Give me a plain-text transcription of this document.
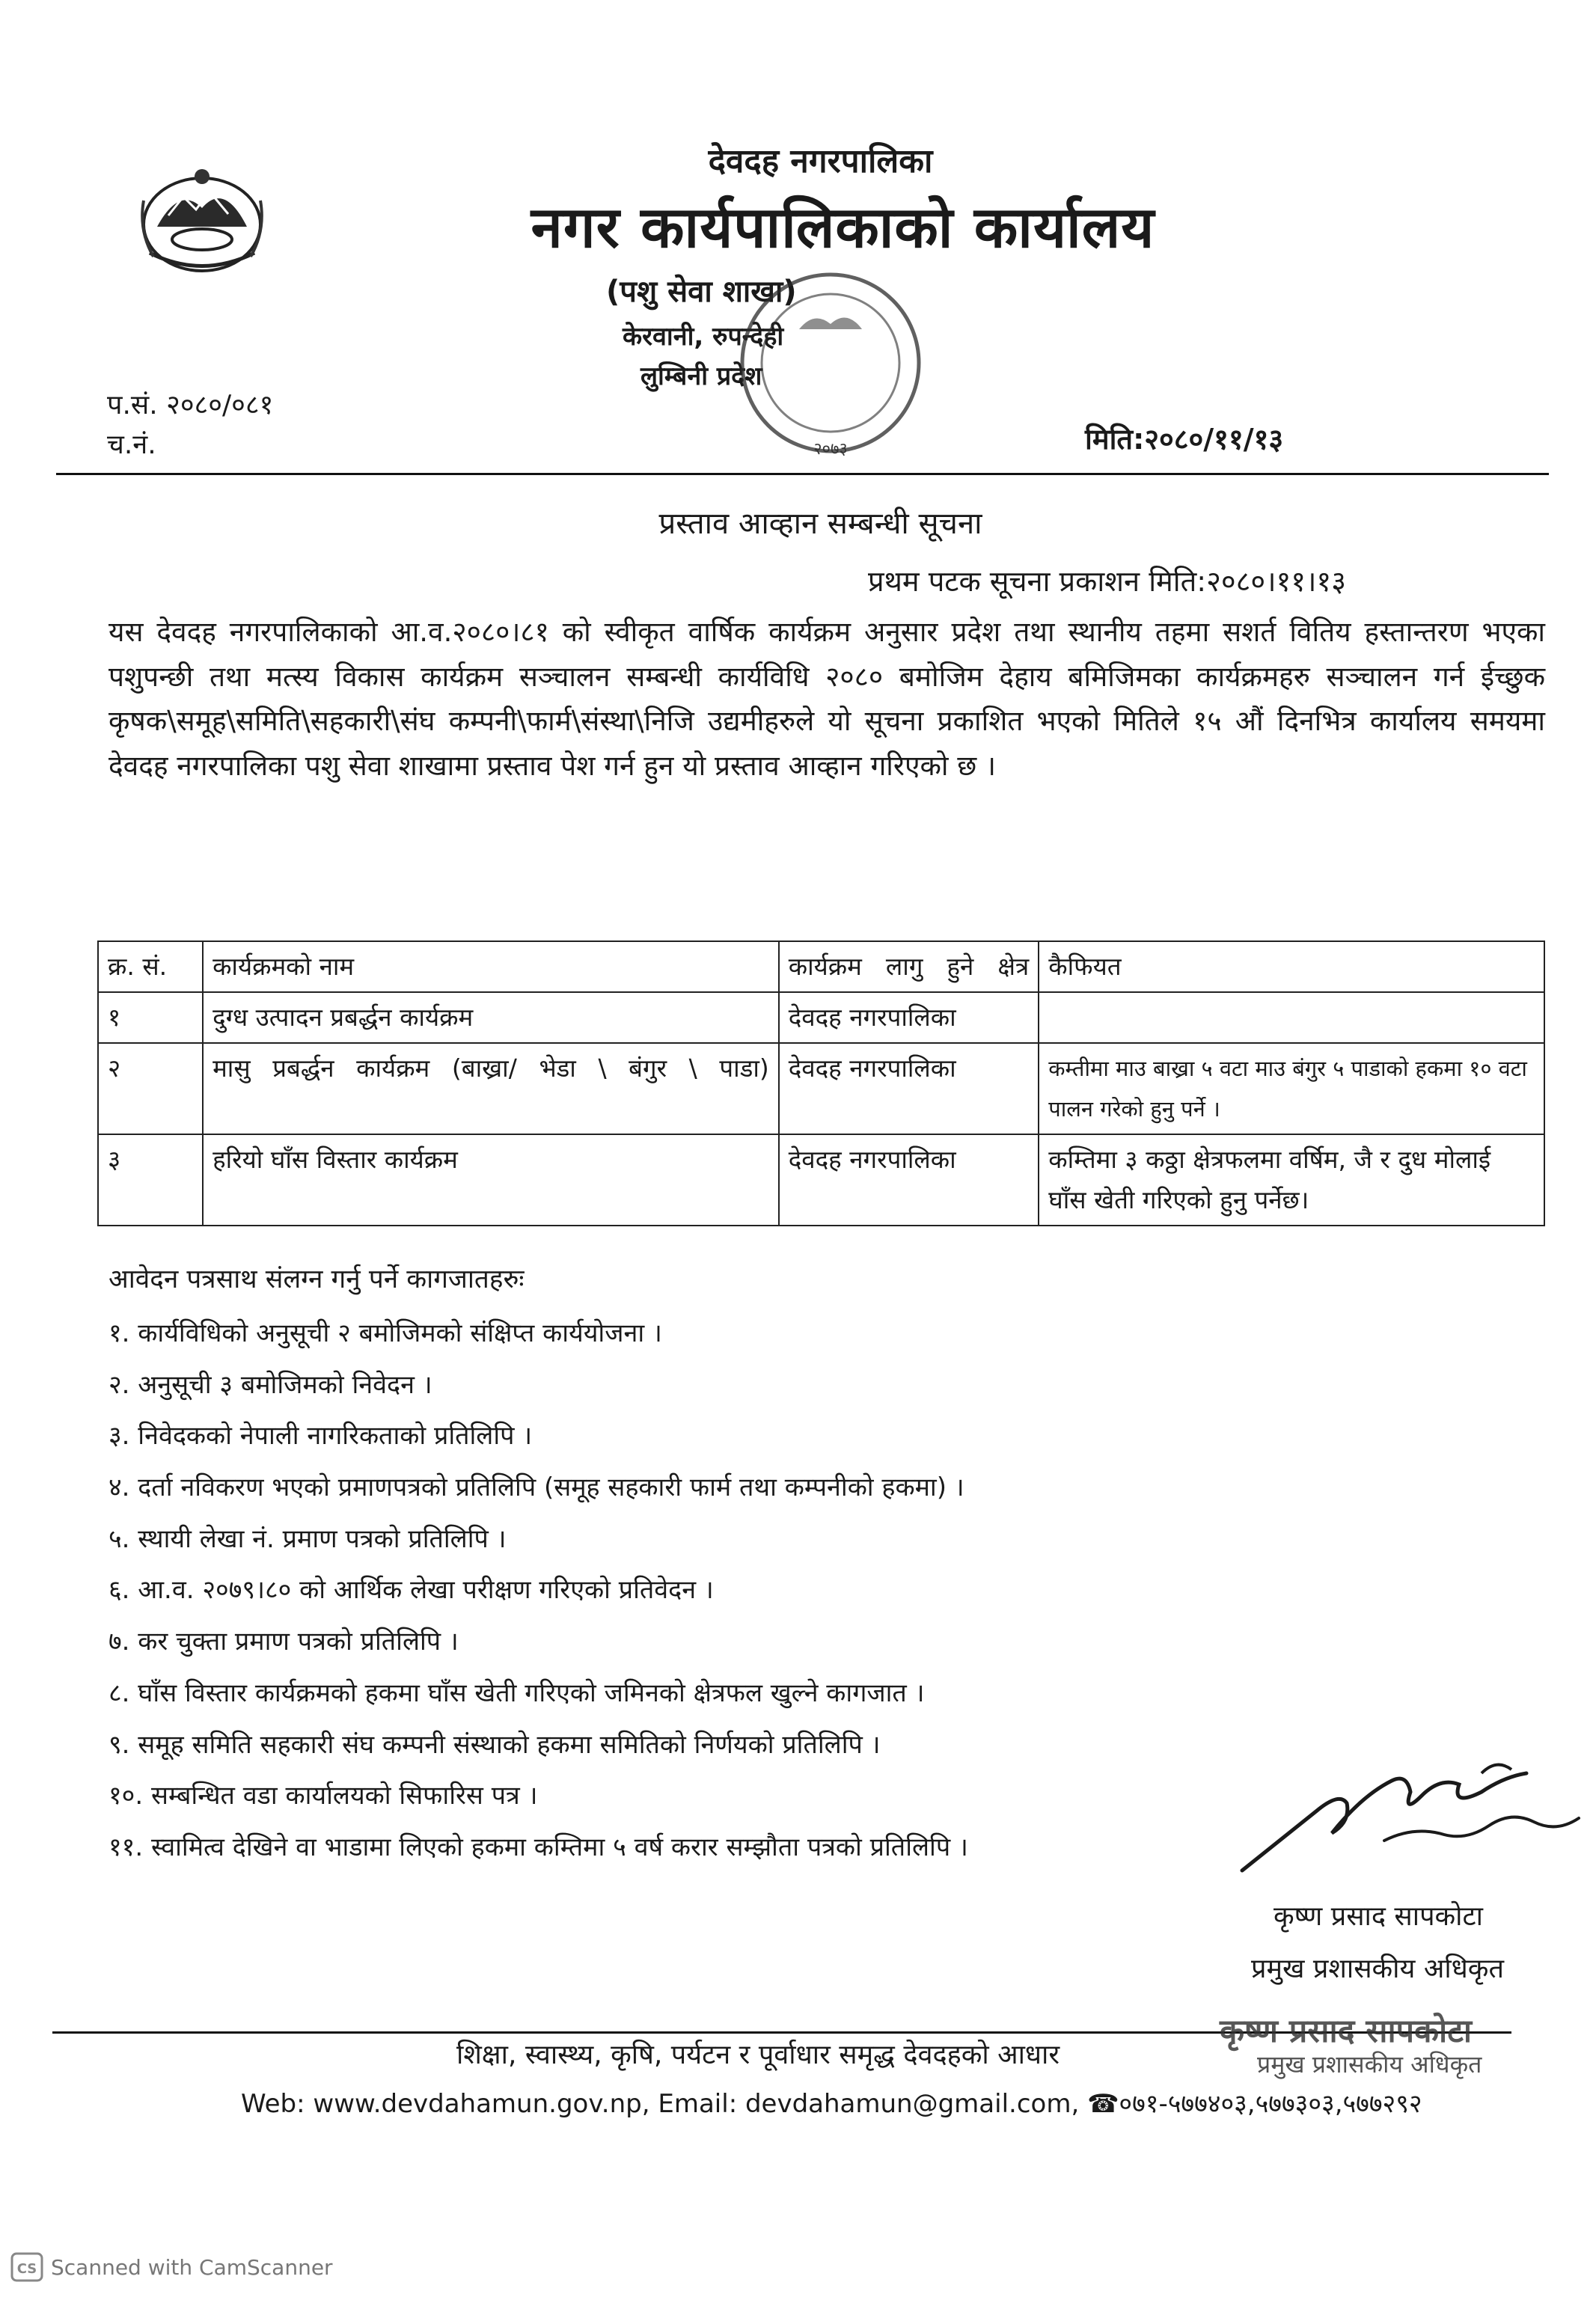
देवदह नगरपालिका
नगर कार्यपालिकाको कार्यालय
(पशु सेवा शाखा)
केरवानी, रुपन्देही
लुम्बिनी प्रदेश
२०७३
प.सं. २०८०/०८१
च.नं.	मिति:२०८०/११/१३
प्रस्ताव आव्हान सम्बन्धी सूचना
प्रथम पटक सूचना प्रकाशन मिति:२०८०।११।१३
यस देवदह नगरपालिकाको आ.व.२०८०।८१ को स्वीकृत वार्षिक कार्यक्रम अनुसार प्रदेश तथा स्थानीय तहमा सशर्त वितिय हस्तान्तरण भएका पशुपन्छी तथा मत्स्य विकास कार्यक्रम सञ्चालन सम्बन्धी कार्यविधि २०८० बमोजिम देहाय बमिजिमका कार्यक्रमहरु सञ्चालन गर्न ईच्छुक कृषक\समूह\समिति\सहकारी\संघ कम्पनी\फार्म\संस्था\निजि उद्यमीहरुले यो सूचना प्रकाशित भएको मितिले १५ औं दिनभित्र कार्यालय समयमा देवदह नगरपालिका पशु सेवा शाखामा प्रस्ताव पेश गर्न हुन यो प्रस्ताव आव्हान गरिएको छ ।
क्र. सं.	कार्यक्रमको नाम	कार्यक्रम लागु हुने क्षेत्र	कैफियत
१	दुग्ध उत्पादन प्रबर्द्धन कार्यक्रम	देवदह नगरपालिका	
२	मासु प्रबर्द्धन कार्यक्रम (बाख्रा/ भेडा \ बंगुर \ पाडा)	देवदह नगरपालिका	कम्तीमा माउ बाख्रा ५ वटा माउ बंगुर ५ पाडाको हकमा १० वटा पालन गरेको हुनु पर्ने ।
३	हरियो घाँस विस्तार कार्यक्रम	देवदह नगरपालिका	कम्तिमा ३ कठ्ठा क्षेत्रफलमा वर्षिम, जै र दुध मोलाई घाँस खेती गरिएको हुनु पर्नेछ।
आवेदन पत्रसाथ संलग्न गर्नु पर्ने कागजातहरुः
१. कार्यविधिको अनुसूची २ बमोजिमको संक्षिप्त कार्ययोजना ।
२. अनुसूची ३ बमोजिमको निवेदन ।
३. निवेदकको नेपाली नागरिकताको प्रतिलिपि ।
४. दर्ता नविकरण भएको प्रमाणपत्रको प्रतिलिपि (समूह सहकारी फार्म तथा कम्पनीको हकमा) ।
५. स्थायी लेखा नं. प्रमाण पत्रको प्रतिलिपि ।
६. आ.व. २०७९।८० को आर्थिक लेखा परीक्षण गरिएको प्रतिवेदन ।
७. कर चुक्ता प्रमाण पत्रको प्रतिलिपि ।
८. घाँस विस्तार कार्यक्रमको हकमा घाँस खेती गरिएको जमिनको क्षेत्रफल खुल्ने कागजात ।
९. समूह समिति सहकारी संघ कम्पनी संस्थाको हकमा समितिको निर्णयको प्रतिलिपि ।
१०. सम्बन्धित वडा कार्यालयको सिफारिस पत्र ।
११. स्वामित्व देखिने वा भाडामा लिएको हकमा कम्तिमा ५ वर्ष करार सम्झौता पत्रको प्रतिलिपि ।
कृष्ण प्रसाद सापकोटा
प्रमुख प्रशासकीय अधिकृत
कृष्ण प्रसाद सापकोटा
प्रमुख प्रशासकीय अधिकृत
शिक्षा, स्वास्थ्य, कृषि, पर्यटन र पूर्वाधार समृद्ध देवदहको आधार
Web: www.devdahamun.gov.np, Email: devdahamun@gmail.com, ☎०७१-५७७४०३,५७७३०३,५७७२९२
CS Scanned with CamScanner
